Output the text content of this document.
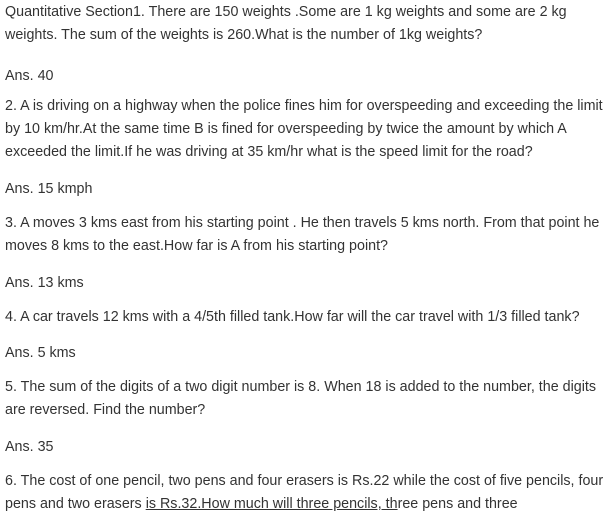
Quantitative Section1. There are 150 weights .Some are 1 kg weights and some are 2 kg weights. The sum of the weights is 260.What is the number of 1kg weights?

Ans. 40

2. A is driving on a highway when the police fines him for overspeeding and exceeding the limit by 10 km/hr.At the same time B is fined for overspeeding by twice the amount by which A exceeded the limit.If he was driving at 35 km/hr what is the speed limit for the road?

Ans. 15 kmph

3. A moves 3 kms east from his starting point . He then travels 5 kms north. From that point he moves 8 kms to the east.How far is A from his starting point?

Ans. 13 kms

4. A car travels 12 kms with a 4/5th filled tank.How far will the car travel with 1/3 filled tank?

Ans. 5 kms

5. The sum of the digits of a two digit number is 8. When 18 is added to the number, the digits are reversed. Find the number?

Ans. 35

6. The cost of one pencil, two pens and four erasers is Rs.22 while the cost of five pencils, four pens and two erasers is Rs.32.How much will three pencils, three pens and three
